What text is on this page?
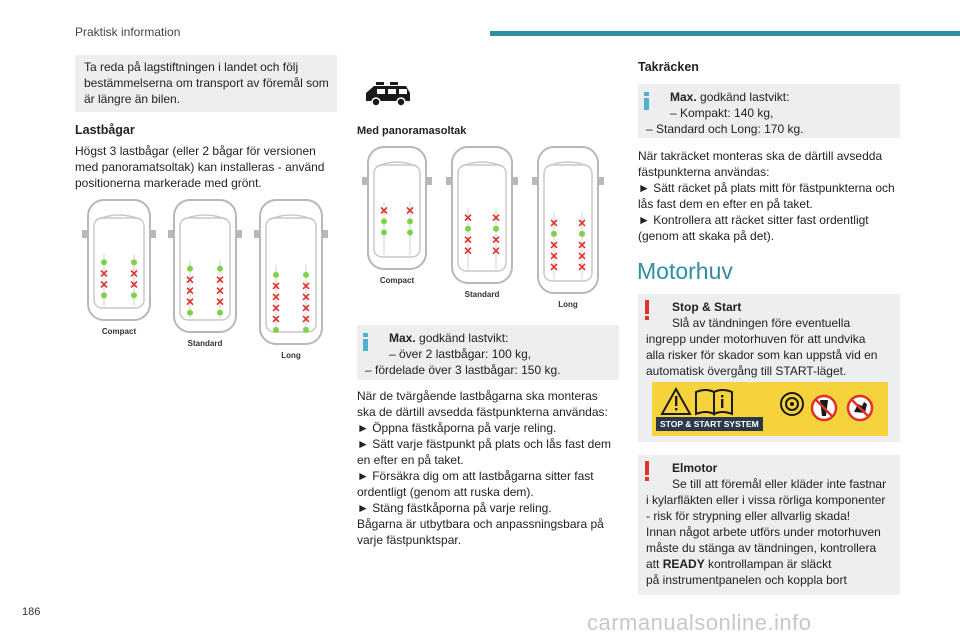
Praktisk information
Ta reda på lagstiftningen i landet och följ
bestämmelserna om transport av föremål som
är längre än bilen.
Lastbågar
Högst 3 lastbågar (eller 2 bågar för versionen
med panoramatsoltak) kan installeras - använd
positionerna markerade med grönt.
Compact
Standard
Long
Med panoramasoltak
Compact
Standard
Long
Max. godkänd lastvikt:
– över 2 lastbågar: 100 kg,
– fördelade över 3 lastbågar: 150 kg.
När de tvärgående lastbågarna ska monteras
ska de därtill avsedda fästpunkterna användas:
► Öppna fästkåporna på varje reling.
► Sätt varje fästpunkt på plats och lås fast dem
en efter en på taket.
► Försäkra dig om att lastbågarna sitter fast
ordentligt (genom att ruska dem).
► Stäng fästkåporna på varje reling.
Bågarna är utbytbara och anpassningsbara på
varje fästpunktspar.
Takräcken
Max. godkänd lastvikt:
– Kompakt: 140 kg,
– Standard och Long: 170 kg.
När takräcket monteras ska de därtill avsedda
fästpunkterna användas:
► Sätt räcket på plats mitt för fästpunkterna och
lås fast dem en efter en på taket.
► Kontrollera att räcket sitter fast ordentligt
(genom att skaka på det).
Motorhuv
Stop & Start
Slå av tändningen före eventuella
ingrepp under motorhuven för att undvika
alla risker för skador som kan uppstå vid en
automatisk övergång till START-läget.
STOP & START SYSTEM
Elmotor
Se till att föremål eller kläder inte fastnar
i kylarfläkten eller i vissa rörliga komponenter
- risk för strypning eller allvarlig skada!
Innan något arbete utförs under motorhuven
måste du stänga av tändningen, kontrollera
att READY kontrollampan är släckt
på instrumentpanelen och koppla bort
186	carmanualsonline.info
